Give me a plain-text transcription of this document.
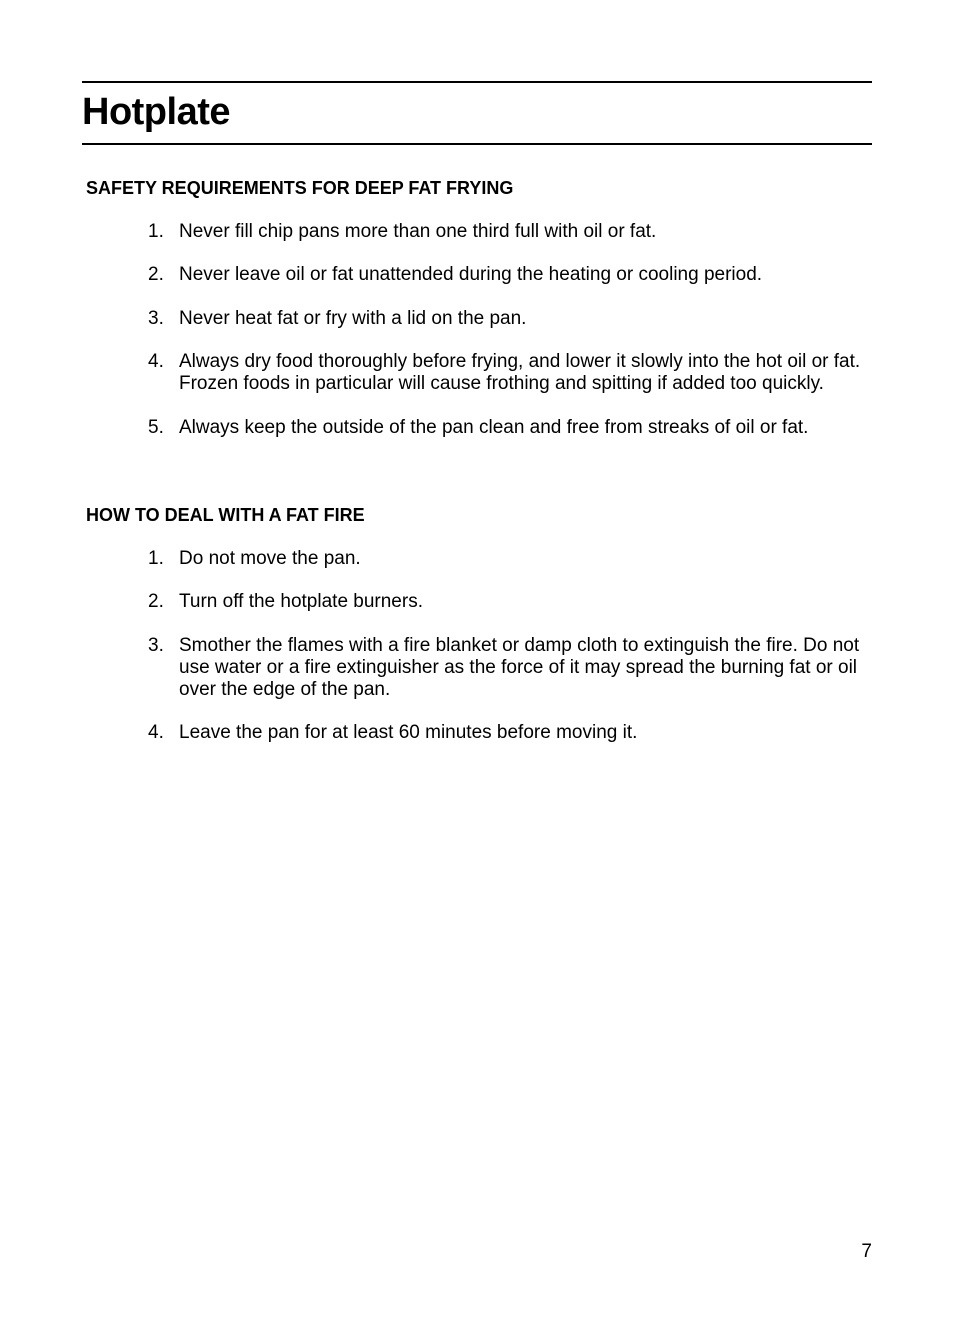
Hotplate
SAFETY REQUIREMENTS FOR DEEP FAT FRYING
1. Never fill chip pans more than one third full with oil or fat.
2. Never leave oil or fat unattended during the heating or cooling period.
3. Never heat fat or fry with a lid on the pan.
4. Always dry food thoroughly before frying, and lower it slowly into the hot oil or fat. Frozen foods in particular will cause frothing and spitting if added too quickly.
5. Always keep the outside of the pan clean and free from streaks of oil or fat.
HOW TO DEAL WITH A FAT FIRE
1. Do not move the pan.
2. Turn off the hotplate burners.
3. Smother the flames with a fire blanket or damp cloth to extinguish the fire. Do not use water or a fire extinguisher as the force of it may spread the burning fat or oil over the edge of the pan.
4. Leave the pan for at least 60 minutes before moving it.
7
